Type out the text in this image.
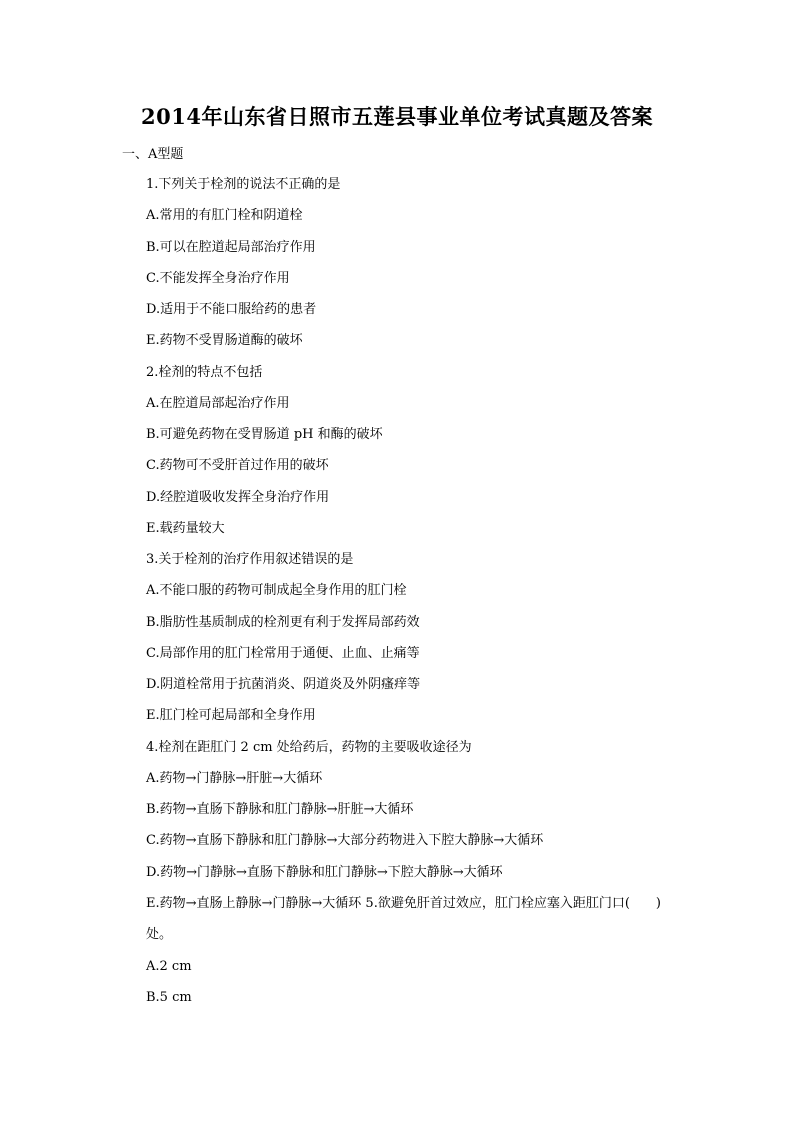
2014年山东省日照市五莲县事业单位考试真题及答案
一、A型题
1.下列关于栓剂的说法不正确的是
A.常用的有肛门栓和阴道栓
B.可以在腔道起局部治疗作用
C.不能发挥全身治疗作用
D.适用于不能口服给药的患者
E.药物不受胃肠道酶的破坏
2.栓剂的特点不包括
A.在腔道局部起治疗作用
B.可避免药物在受胃肠道 pH 和酶的破坏
C.药物可不受肝首过作用的破坏
D.经腔道吸收发挥全身治疗作用
E.载药量较大
3.关于栓剂的治疗作用叙述错误的是
A.不能口服的药物可制成起全身作用的肛门栓
B.脂肪性基质制成的栓剂更有利于发挥局部药效
C.局部作用的肛门栓常用于通便、止血、止痛等
D.阴道栓常用于抗菌消炎、阴道炎及外阴瘙痒等
E.肛门栓可起局部和全身作用
4.栓剂在距肛门 2 cm 处给药后，药物的主要吸收途径为
A.药物→门静脉→肝脏→大循环
B.药物→直肠下静脉和肛门静脉→肝脏→大循环
C.药物→直肠下静脉和肛门静脉→大部分药物进入下腔大静脉→大循环
D.药物→门静脉→直肠下静脉和肛门静脉→下腔大静脉→大循环
E.药物→直肠上静脉→门静脉→大循环 5.欲避免肝首过效应，肛门栓应塞入距肛门口(　　)处。
A.2 cm
B.5 cm
